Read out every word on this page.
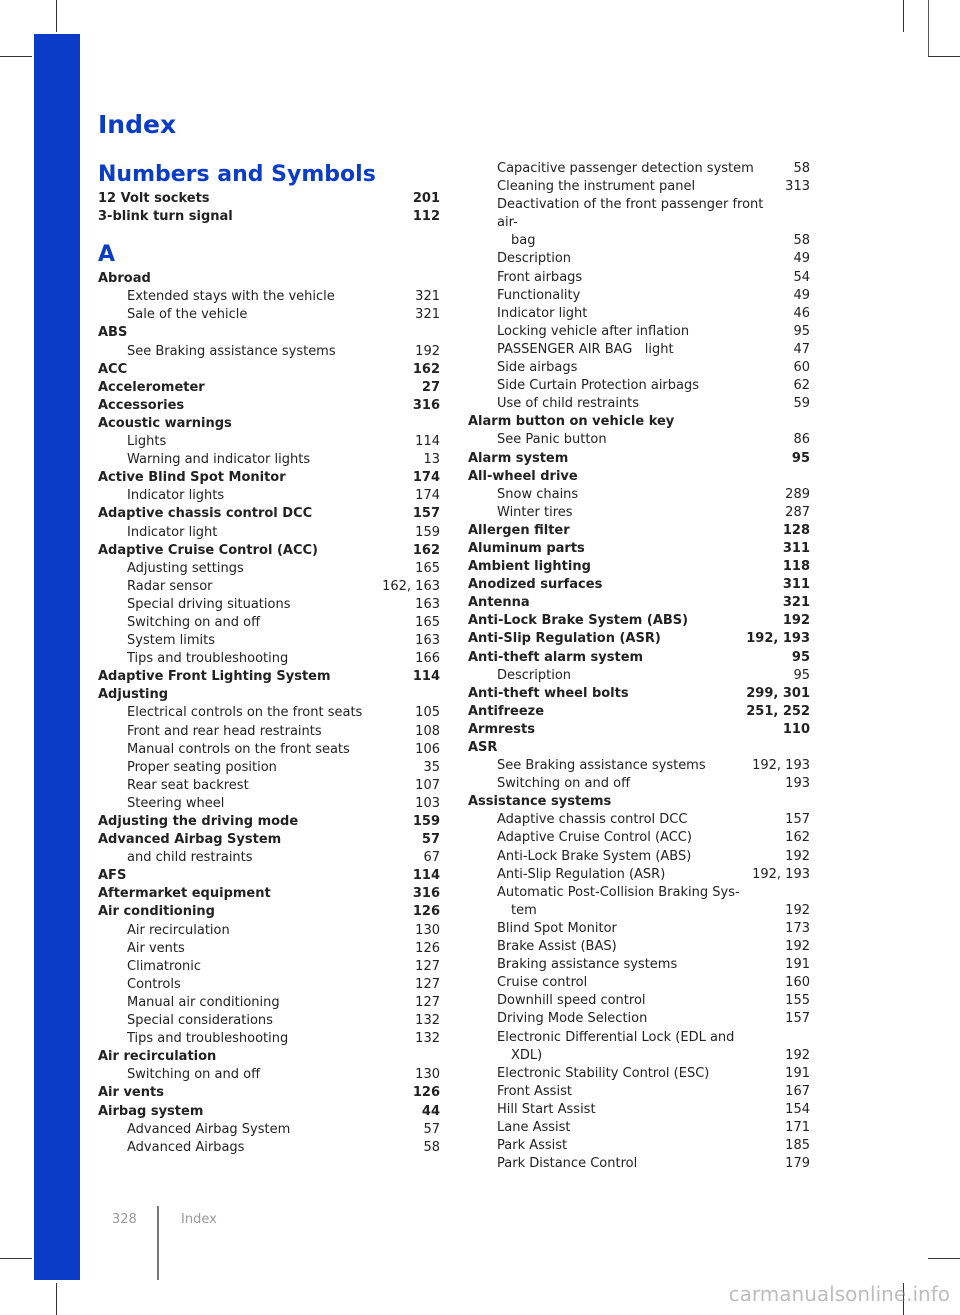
Index
Numbers and Symbols
12 Volt sockets	201
3-blink turn signal	112
A
Abroad
Extended stays with the vehicle	321
Sale of the vehicle	321
ABS
See Braking assistance systems	192
ACC	162
Accelerometer	27
Accessories	316
Acoustic warnings
Lights	114
Warning and indicator lights	13
Active Blind Spot Monitor	174
Indicator lights	174
Adaptive chassis control DCC	157
Indicator light	159
Adaptive Cruise Control (ACC)	162
Adjusting settings	165
Radar sensor	162, 163
Special driving situations	163
Switching on and off	165
System limits	163
Tips and troubleshooting	166
Adaptive Front Lighting System	114
Adjusting
Electrical controls on the front seats	105
Front and rear head restraints	108
Manual controls on the front seats	106
Proper seating position	35
Rear seat backrest	107
Steering wheel	103
Adjusting the driving mode	159
Advanced Airbag System	57
and child restraints	67
AFS	114
Aftermarket equipment	316
Air conditioning	126
Air recirculation	130
Air vents	126
Climatronic	127
Controls	127
Manual air conditioning	127
Special considerations	132
Tips and troubleshooting	132
Air recirculation
Switching on and off	130
Air vents	126
Airbag system	44
Advanced Airbag System	57
Advanced Airbags	58
Capacitive passenger detection system	58
Cleaning the instrument panel	313
Deactivation of the front passenger front air-
bag	58
Description	49
Front airbags	54
Functionality	49
Indicator light	46
Locking vehicle after inflation	95
PASSENGER AIR BAG   light	47
Side airbags	60
Side Curtain Protection airbags	62
Use of child restraints	59
Alarm button on vehicle key
See Panic button	86
Alarm system	95
All-wheel drive
Snow chains	289
Winter tires	287
Allergen filter	128
Aluminum parts	311
Ambient lighting	118
Anodized surfaces	311
Antenna	321
Anti-Lock Brake System (ABS)	192
Anti-Slip Regulation (ASR)	192, 193
Anti-theft alarm system	95
Description	95
Anti-theft wheel bolts	299, 301
Antifreeze	251, 252
Armrests	110
ASR
See Braking assistance systems	192, 193
Switching on and off	193
Assistance systems
Adaptive chassis control DCC	157
Adaptive Cruise Control (ACC)	162
Anti-Lock Brake System (ABS)	192
Anti-Slip Regulation (ASR)	192, 193
Automatic Post-Collision Braking Sys-
tem	192
Blind Spot Monitor	173
Brake Assist (BAS)	192
Braking assistance systems	191
Cruise control	160
Downhill speed control	155
Driving Mode Selection	157
Electronic Differential Lock (EDL and
XDL)	192
Electronic Stability Control (ESC)	191
Front Assist	167
Hill Start Assist	154
Lane Assist	171
Park Assist	185
Park Distance Control	179
328	Index
carmanualsonline.info
